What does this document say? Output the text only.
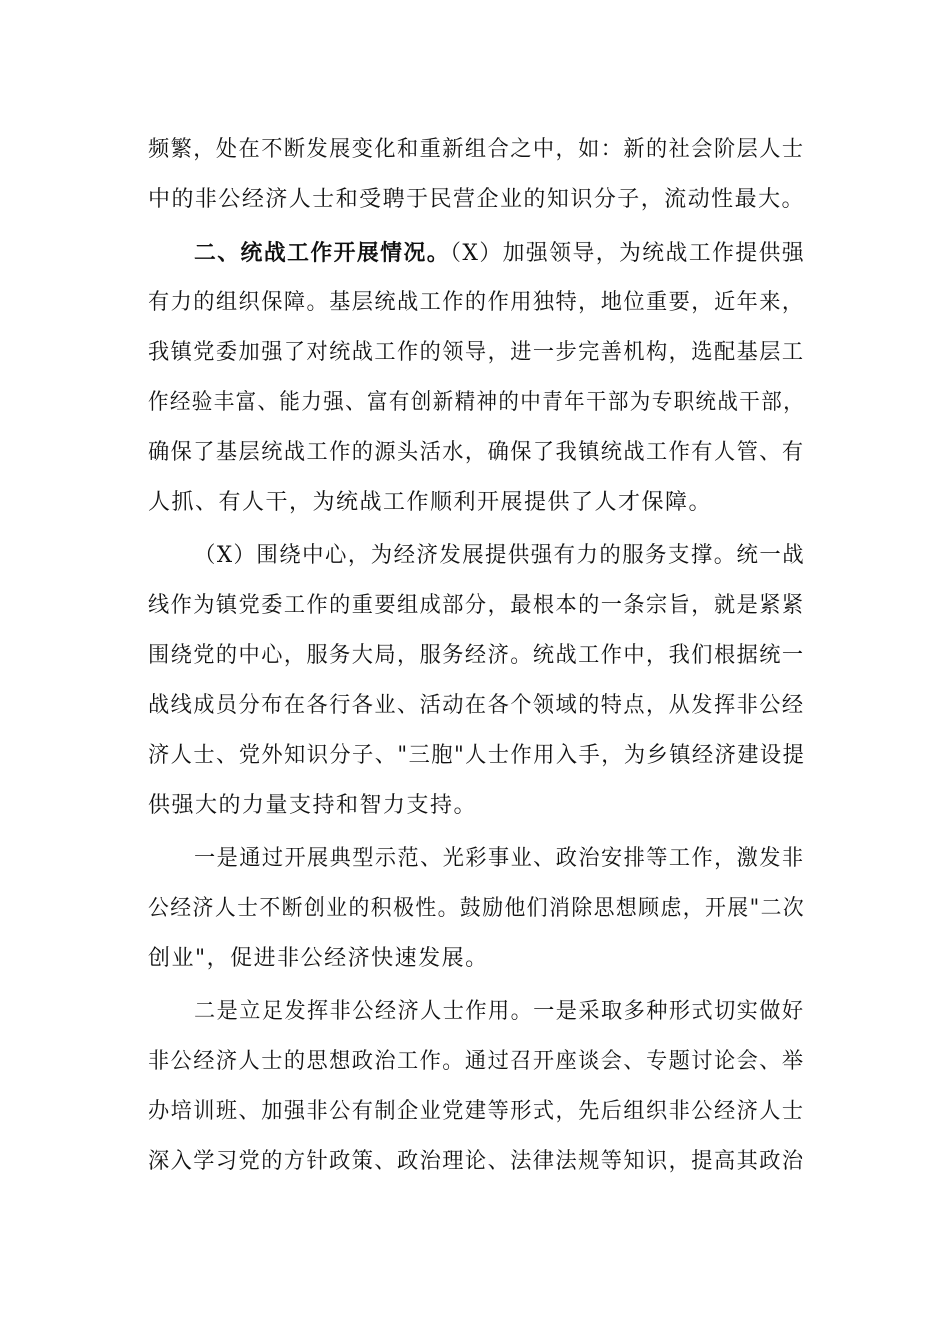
频繁，处在不断发展变化和重新组合之中，如：新的社会阶层人士
中的非公经济人士和受聘于民营企业的知识分子，流动性最大。
二、统战工作开展情况。（X）加强领导，为统战工作提供强
有力的组织保障。基层统战工作的作用独特，地位重要，近年来，
我镇党委加强了对统战工作的领导，进一步完善机构，选配基层工
作经验丰富、能力强、富有创新精神的中青年干部为专职统战干部，
确保了基层统战工作的源头活水，确保了我镇统战工作有人管、有
人抓、有人干，为统战工作顺利开展提供了人才保障。
（X）围绕中心，为经济发展提供强有力的服务支撑。统一战
线作为镇党委工作的重要组成部分，最根本的一条宗旨，就是紧紧
围绕党的中心，服务大局，服务经济。统战工作中，我们根据统一
战线成员分布在各行各业、活动在各个领域的特点，从发挥非公经
济人士、党外知识分子、"三胞"人士作用入手，为乡镇经济建设提
供强大的力量支持和智力支持。
一是通过开展典型示范、光彩事业、政治安排等工作，激发非
公经济人士不断创业的积极性。鼓励他们消除思想顾虑，开展"二次
创业"，促进非公经济快速发展。
二是立足发挥非公经济人士作用。一是采取多种形式切实做好
非公经济人士的思想政治工作。通过召开座谈会、专题讨论会、举
办培训班、加强非公有制企业党建等形式，先后组织非公经济人士
深入学习党的方针政策、政治理论、法律法规等知识，提高其政治
